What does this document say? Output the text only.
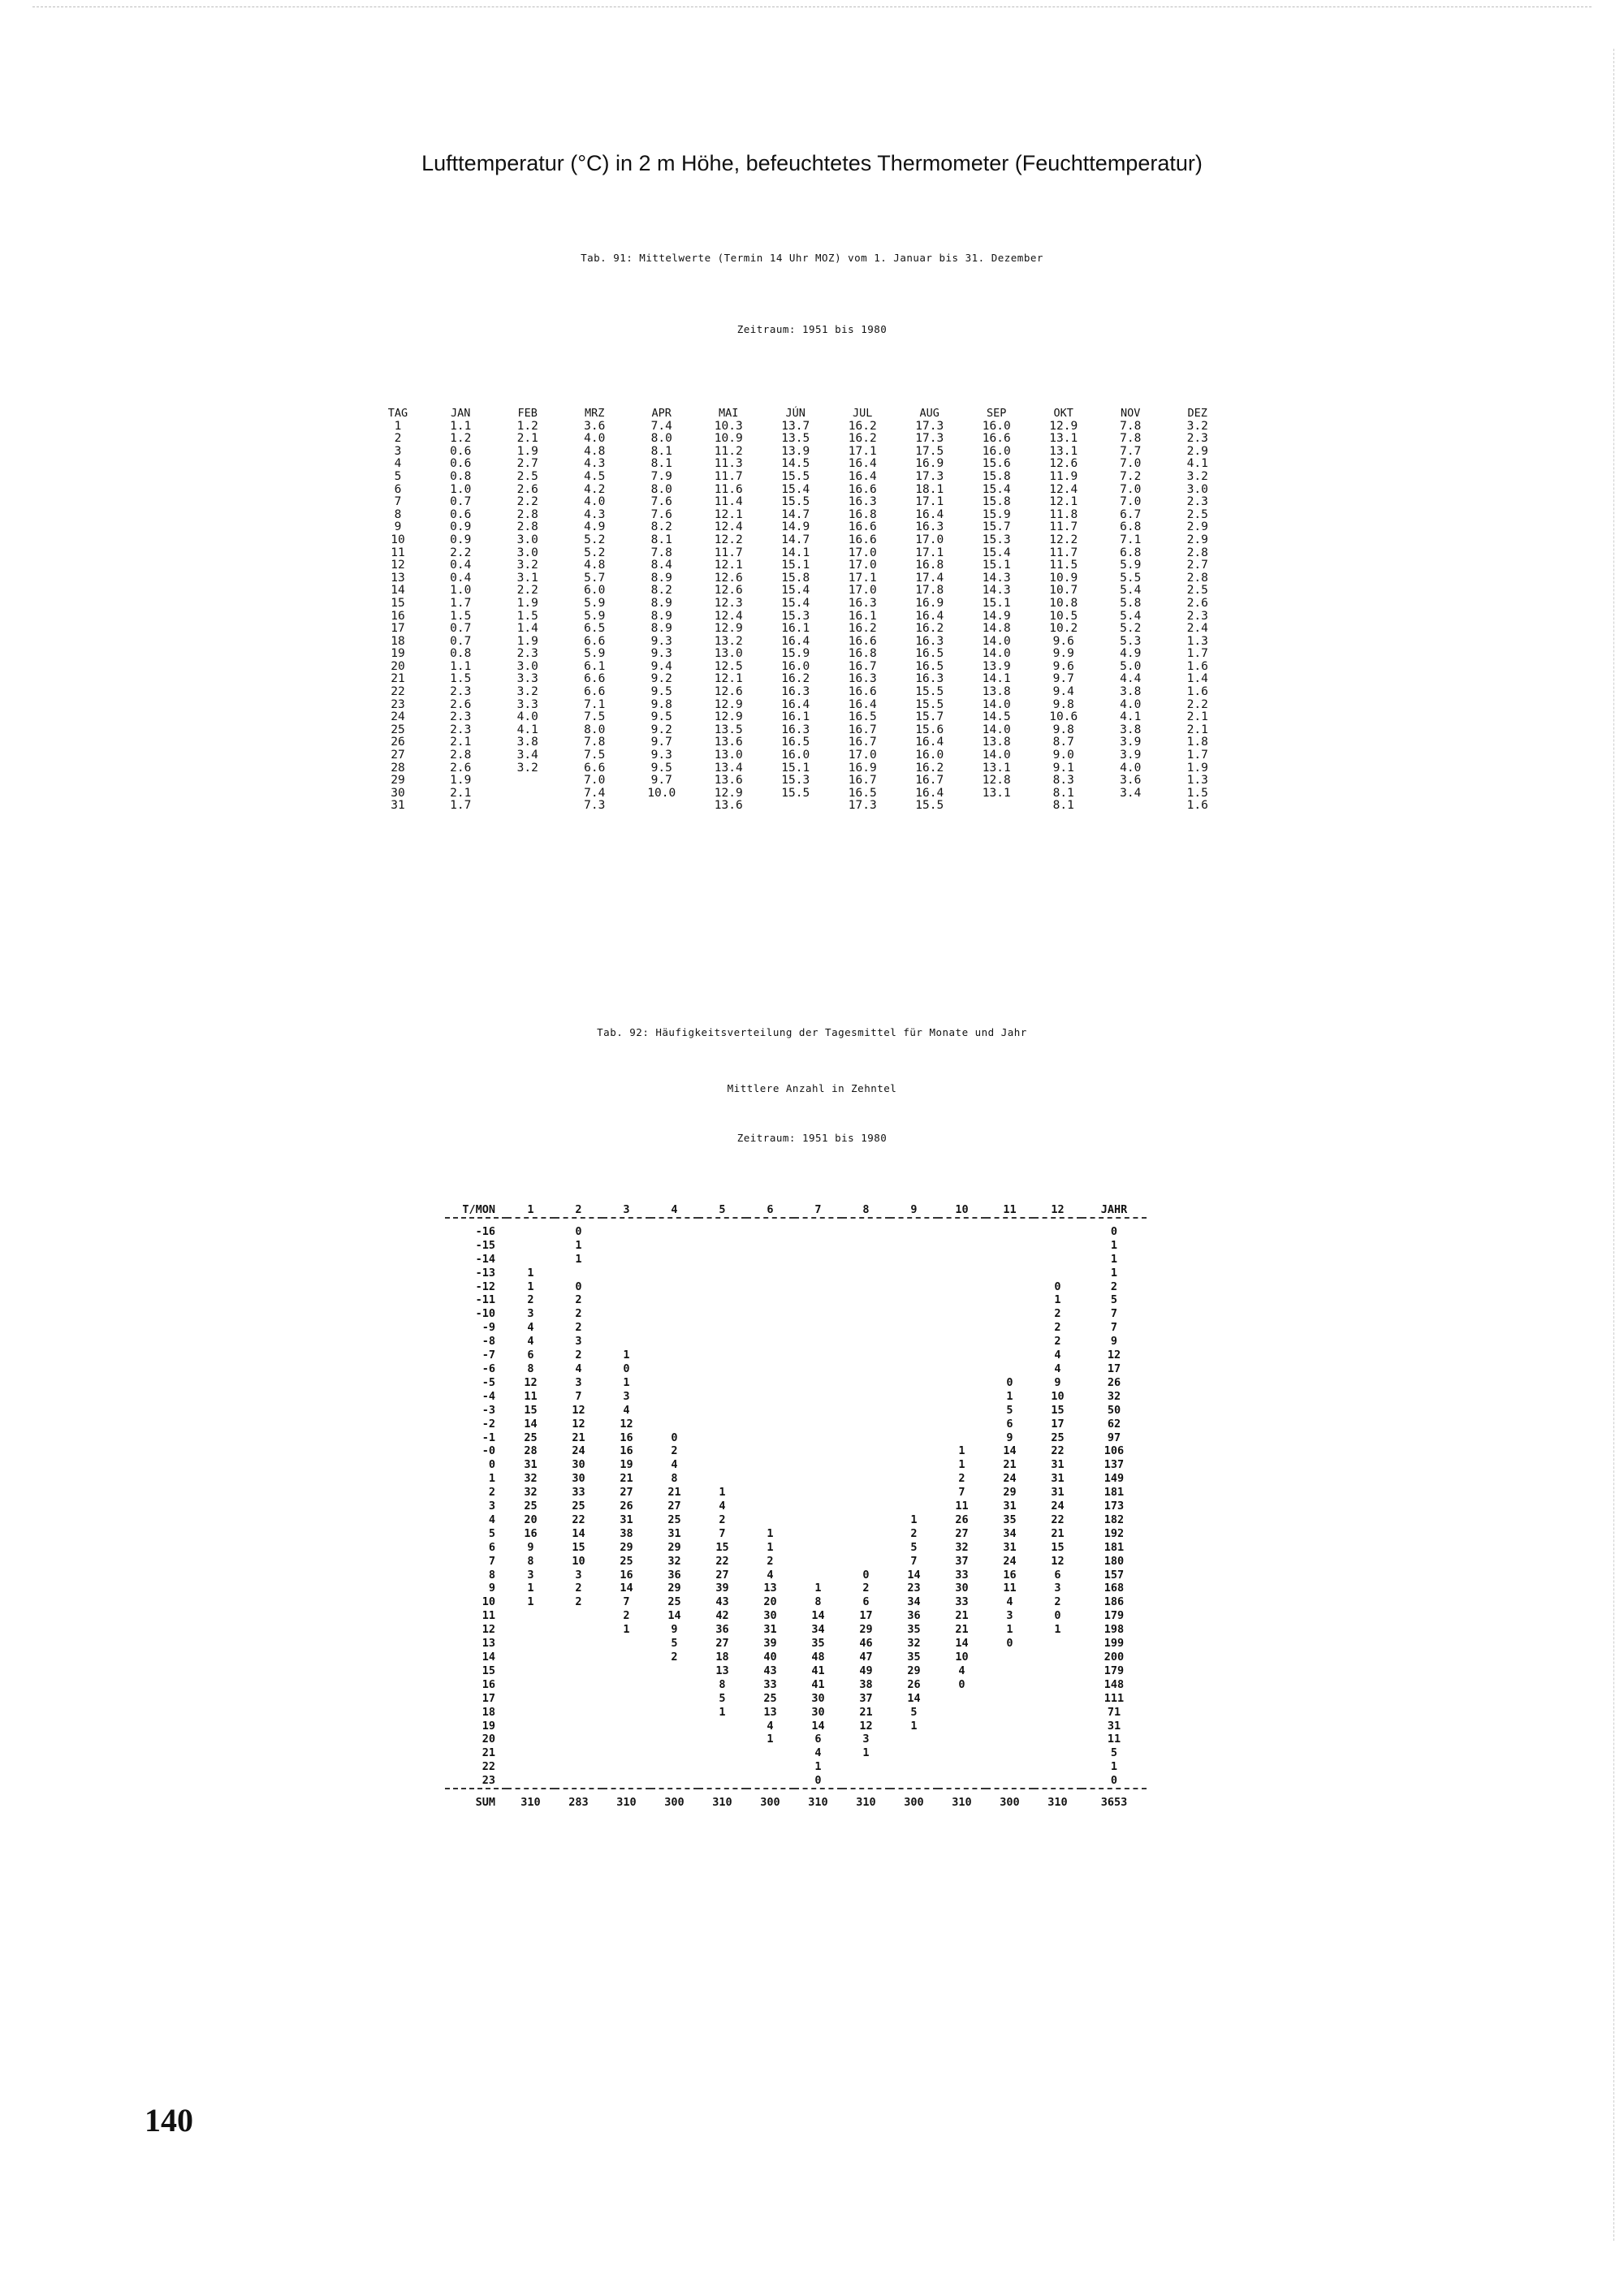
Lufttemperatur (°C) in 2 m Höhe, befeuchtetes Thermometer (Feuchttemperatur)
Tab. 91: Mittelwerte (Termin 14 Uhr MOZ) vom 1. Januar bis 31. Dezember
Zeitraum: 1951 bis 1980
TAG	JAN	FEB	MRZ	APR	MAI	JÚN	JUL	AUG	SEP	OKT	NOV	DEZ
1	1.1	1.2	3.6	7.4	10.3	13.7	16.2	17.3	16.0	12.9	7.8	3.2
2	1.2	2.1	4.0	8.0	10.9	13.5	16.2	17.3	16.6	13.1	7.8	2.3
3	0.6	1.9	4.8	8.1	11.2	13.9	17.1	17.5	16.0	13.1	7.7	2.9
4	0.6	2.7	4.3	8.1	11.3	14.5	16.4	16.9	15.6	12.6	7.0	4.1
5	0.8	2.5	4.5	7.9	11.7	15.5	16.4	17.3	15.8	11.9	7.2	3.2
6	1.0	2.6	4.2	8.0	11.6	15.4	16.6	18.1	15.4	12.4	7.0	3.0
7	0.7	2.2	4.0	7.6	11.4	15.5	16.3	17.1	15.8	12.1	7.0	2.3
8	0.6	2.8	4.3	7.6	12.1	14.7	16.8	16.4	15.9	11.8	6.7	2.5
9	0.9	2.8	4.9	8.2	12.4	14.9	16.6	16.3	15.7	11.7	6.8	2.9
10	0.9	3.0	5.2	8.1	12.2	14.7	16.6	17.0	15.3	12.2	7.1	2.9
11	2.2	3.0	5.2	7.8	11.7	14.1	17.0	17.1	15.4	11.7	6.8	2.8
12	0.4	3.2	4.8	8.4	12.1	15.1	17.0	16.8	15.1	11.5	5.9	2.7
13	0.4	3.1	5.7	8.9	12.6	15.8	17.1	17.4	14.3	10.9	5.5	2.8
14	1.0	2.2	6.0	8.2	12.6	15.4	17.0	17.8	14.3	10.7	5.4	2.5
15	1.7	1.9	5.9	8.9	12.3	15.4	16.3	16.9	15.1	10.8	5.8	2.6
16	1.5	1.5	5.9	8.9	12.4	15.3	16.1	16.4	14.9	10.5	5.4	2.3
17	0.7	1.4	6.5	8.9	12.9	16.1	16.2	16.2	14.8	10.2	5.2	2.4
18	0.7	1.9	6.6	9.3	13.2	16.4	16.6	16.3	14.0	9.6	5.3	1.3
19	0.8	2.3	5.9	9.3	13.0	15.9	16.8	16.5	14.0	9.9	4.9	1.7
20	1.1	3.0	6.1	9.4	12.5	16.0	16.7	16.5	13.9	9.6	5.0	1.6
21	1.5	3.3	6.6	9.2	12.1	16.2	16.3	16.3	14.1	9.7	4.4	1.4
22	2.3	3.2	6.6	9.5	12.6	16.3	16.6	15.5	13.8	9.4	3.8	1.6
23	2.6	3.3	7.1	9.8	12.9	16.4	16.4	15.5	14.0	9.8	4.0	2.2
24	2.3	4.0	7.5	9.5	12.9	16.1	16.5	15.7	14.5	10.6	4.1	2.1
25	2.3	4.1	8.0	9.2	13.5	16.3	16.7	15.6	14.0	9.8	3.8	2.1
26	2.1	3.8	7.8	9.7	13.6	16.5	16.7	16.4	13.8	8.7	3.9	1.8
27	2.8	3.4	7.5	9.3	13.0	16.0	17.0	16.0	14.0	9.0	3.9	1.7
28	2.6	3.2	6.6	9.5	13.4	15.1	16.9	16.2	13.1	9.1	4.0	1.9
29	1.9		7.0	9.7	13.6	15.3	16.7	16.7	12.8	8.3	3.6	1.3
30	2.1		7.4	10.0	12.9	15.5	16.5	16.4	13.1	8.1	3.4	1.5
31	1.7		7.3		13.6		17.3	15.5		8.1		1.6
Tab. 92: Häufigkeitsverteilung der Tagesmittel für Monate und Jahr
Mittlere Anzahl in Zehntel
Zeitraum: 1951 bis 1980
T/MON	1	2	3	4	5	6	7	8	9	10	11	12	JAHR

-16		0											0
-15		1											1
-14		1											1
-13	1												1
-12	1	0										0	2
-11	2	2										1	5
-10	3	2										2	7
-9	4	2										2	7
-8	4	3										2	9
-7	6	2	1									4	12
-6	8	4	0									4	17
-5	12	3	1								0	9	26
-4	11	7	3								1	10	32
-3	15	12	4								5	15	50
-2	14	12	12								6	17	62
-1	25	21	16	0							9	25	97
-0	28	24	16	2						1	14	22	106
0	31	30	19	4						1	21	31	137
1	32	30	21	8						2	24	31	149
2	32	33	27	21	1					7	29	31	181
3	25	25	26	27	4					11	31	24	173
4	20	22	31	25	2				1	26	35	22	182
5	16	14	38	31	7	1			2	27	34	21	192
6	9	15	29	29	15	1			5	32	31	15	181
7	8	10	25	32	22	2			7	37	24	12	180
8	3	3	16	36	27	4		0	14	33	16	6	157
9	1	2	14	29	39	13	1	2	23	30	11	3	168
10	1	2	7	25	43	20	8	6	34	33	4	2	186
11			2	14	42	30	14	17	36	21	3	0	179
12			1	9	36	31	34	29	35	21	1	1	198
13				5	27	39	35	46	32	14	0		199
14				2	18	40	48	47	35	10			200
15					13	43	41	49	29	4			179
16					8	33	41	38	26	0			148
17					5	25	30	37	14				111
18					1	13	30	21	5				71
19						4	14	12	1				31
20						1	6	3					11
21							4	1					5
22							1						1
23							0						0

SUM	310	283	310	300	310	300	310	310	300	310	300	310	3653
140
